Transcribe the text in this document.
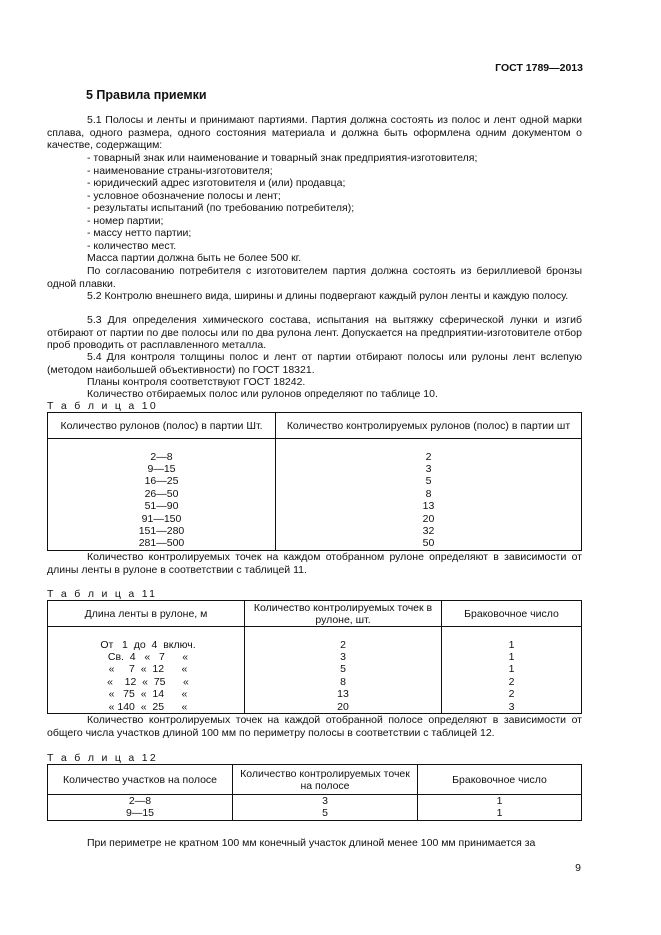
ГОСТ 1789—2013
5 Правила приемки
5.1 Полосы и ленты и принимают партиями. Партия должна состоять из полос и лент одной марки сплава, одного размера, одного состояния материала и должна быть оформлена одним документом о качестве, содержащим:
- товарный знак или наименование и товарный знак предприятия-изготовителя;
- наименование страны-изготовителя;
- юридический адрес изготовителя и (или) продавца;
- условное обозначение полосы и лент;
- результаты испытаний (по требованию потребителя);
- номер партии;
- массу нетто партии;
- количество мест.
Масса партии должна быть не более 500 кг.
По согласованию потребителя с изготовителем партия должна состоять из бериллиевой бронзы одной плавки.
5.2 Контролю внешнего вида, ширины и длины подвергают каждый рулон ленты и каждую полосу.
5.3 Для определения химического состава, испытания на вытяжку сферической лунки и изгиб отбирают от партии по две полосы или по два рулона лент. Допускается на предприятии-изготовителе отбор проб проводить от расплавленного металла.
5.4 Для контроля толщины полос и лент от партии отбирают полосы или рулоны лент вслепую (методом наибольшей объективности) по ГОСТ 18321.
Планы контроля соответствуют ГОСТ 18242.
Количество отбираемых полос или рулонов определяют по таблице 10.
Т а б л и ц а 10
Количество рулонов (полос) в партии Шт.	Количество контролируемых рулонов (полос) в партии шт

2—8	2
9—15	3
16—25	5
26—50	8
51—90	13
91—150	20
151—280	32
281—500	50
Количество контролируемых точек на каждом отобранном рулоне определяют в зависимости от длины ленты в рулоне в соответствии с таблицей 11.
Т а б л и ц а 11
Длина ленты в рулоне, м	Количество контролируемых точек в рулоне, шт.	Браковочное число

От   1  до  4  включ.	2	1
Св.  4   «   7      «	3	1
«     7  «  12      «	5	1
«    12  «  75      «	8	2
«   75  «  14      «	13	2
« 140  «  25      «	20	3
Количество контролируемых точек на каждой отобранной полосе определяют в зависимости от общего числа участков длиной 100 мм по периметру полосы в соответствии с таблицей 12.
Т а б л и ц а 12
Количество участков на полосе	Количество контролируемых точек на полосе	Браковочное число
2—8	3	1
9—15	5	1
При периметре не кратном 100 мм конечный участок длиной менее 100 мм принимается за
9
